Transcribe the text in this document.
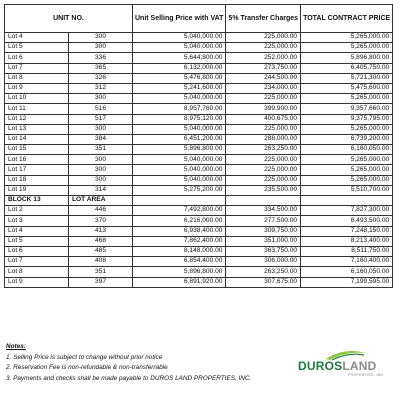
UNIT NO.		Unit Selling Price with VAT	5% Transfer Charges	TOTAL CONTRACT PRICE
Lot 4	300	5,040,000.00	225,000.00	5,265,000.00
Lot 5	300	5,040,000.00	225,000.00	5,265,000.00
Lot 6	336	5,644,800.00	252,000.00	5,896,800.00
Lot 7	365	6,132,000.00	273,750.00	6,405,750.00
Lot 8	326	5,476,800.00	244,500.00	5,721,300.00
Lot 9	312	5,241,600.00	234,000.00	5,475,600.00
Lot 10	300	5,040,000.00	225,000.00	5,265,000.00
Lot 11	516	8,957,760.00	399,900.00	9,357,660.00
Lot 12	517	8,975,120.00	400,675.00	9,375,795.00
Lot 13	300	5,040,000.00	225,000.00	5,265,000.00
Lot 14	384	6,451,200.00	288,000.00	6,739,200.00
Lot 15	351	5,896,800.00	263,250.00	6,160,050.00
Lot 16	300	5,040,000.00	225,000.00	5,265,000.00
Lot 17	300	5,040,000.00	225,000.00	5,265,000.00
Lot 18	300	5,040,000.00	225,000.00	5,265,000.00
Lot 19	314	5,275,200.00	235,500.00	5,510,700.00
BLOCK 13	LOT AREA			
Lot 2	446	7,492,800.00	334,500.00	7,827,300.00
Lot 3	370	6,216,000.00	277,500.00	6,493,500.00
Lot 4	413	6,938,400.00	309,750.00	7,248,150.00
Lot 5	468	7,862,400.00	351,000.00	8,213,400.00
Lot 6	485	8,148,000.00	363,750.00	8,511,750.00
Lot 7	408	6,854,400.00	306,000.00	7,160,400.00
Lot 8	351	5,896,800.00	263,250.00	6,160,050.00
Lot 9	397	6,891,920.00	307,675.00	7,199,595.00
Notes:
1. Selling Price is subject to change without prior notice
2. Reservation Fee is non-refundable & non-transferrable
3. Payments and checks shall be made payable to DUROS LAND PROPERTIES, INC.
DUROSLAND
PROPERTIES, INC.
